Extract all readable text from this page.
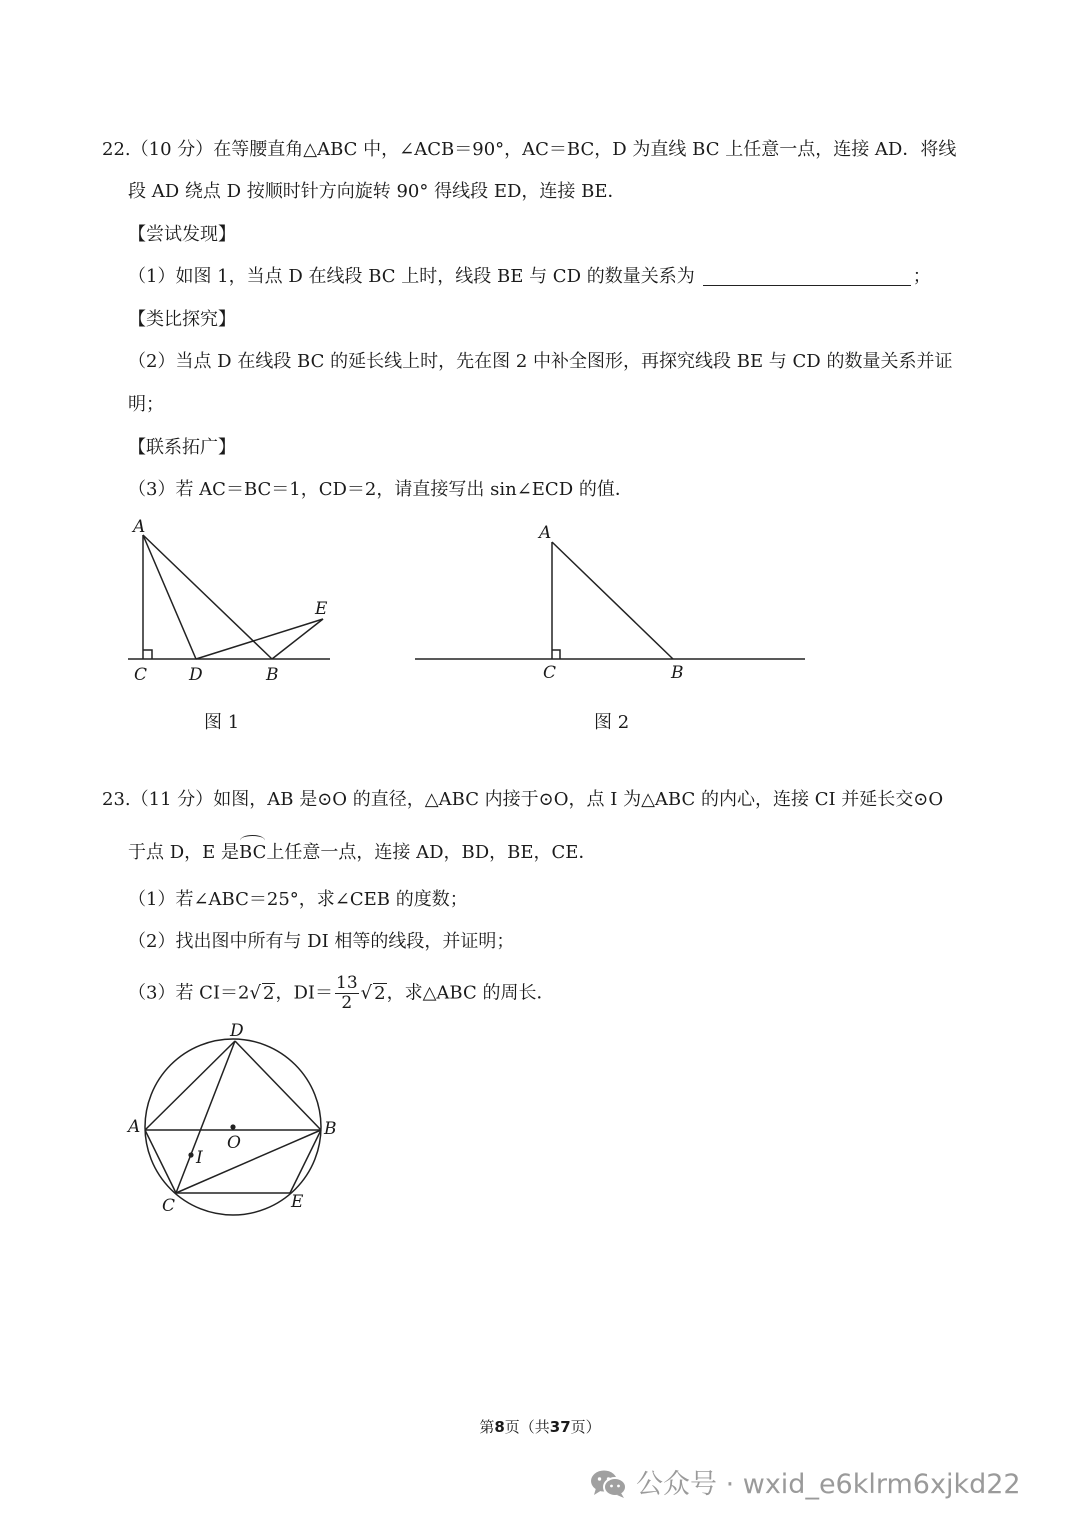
22.（10 分）在等腰直角△ABC 中，∠ACB＝90°，AC＝BC，D 为直线 BC 上任意一点，连接 AD．将线
段 AD 绕点 D 按顺时针方向旋转 90° 得线段 ED，连接 BE．
【尝试发现】
（1）如图 1，当点 D 在线段 BC 上时，线段 BE 与 CD 的数量关系为	；
【类比探究】
（2）当点 D 在线段 BC 的延长线上时，先在图 2 中补全图形，再探究线段 BE 与 CD 的数量关系并证
明；
【联系拓广】
（3）若 AC＝BC＝1，CD＝2，请直接写出 sin∠ECD 的值．
A
C D	B
E
图 1
A
C	B
图 2
23.（11 分）如图，AB 是⊙O 的直径，△ABC 内接于⊙O，点 I 为△ABC 的内心，连接 CI 并延长交⊙O
于点 D，E 是BC上任意一点，连接 AD，BD，BE，CE．
（1）若∠ABC＝25°，求∠CEB 的度数；
（2）找出图中所有与 DI 相等的线段，并证明；
（3）若 CI＝2√ 2，$DI= \frac{13}{2}$ √ 2，求△ABC 的周长．
D
A
O
B
I
C	E
第8页（共37页）
公众号 · wxid_e6klrm6xjkd22
